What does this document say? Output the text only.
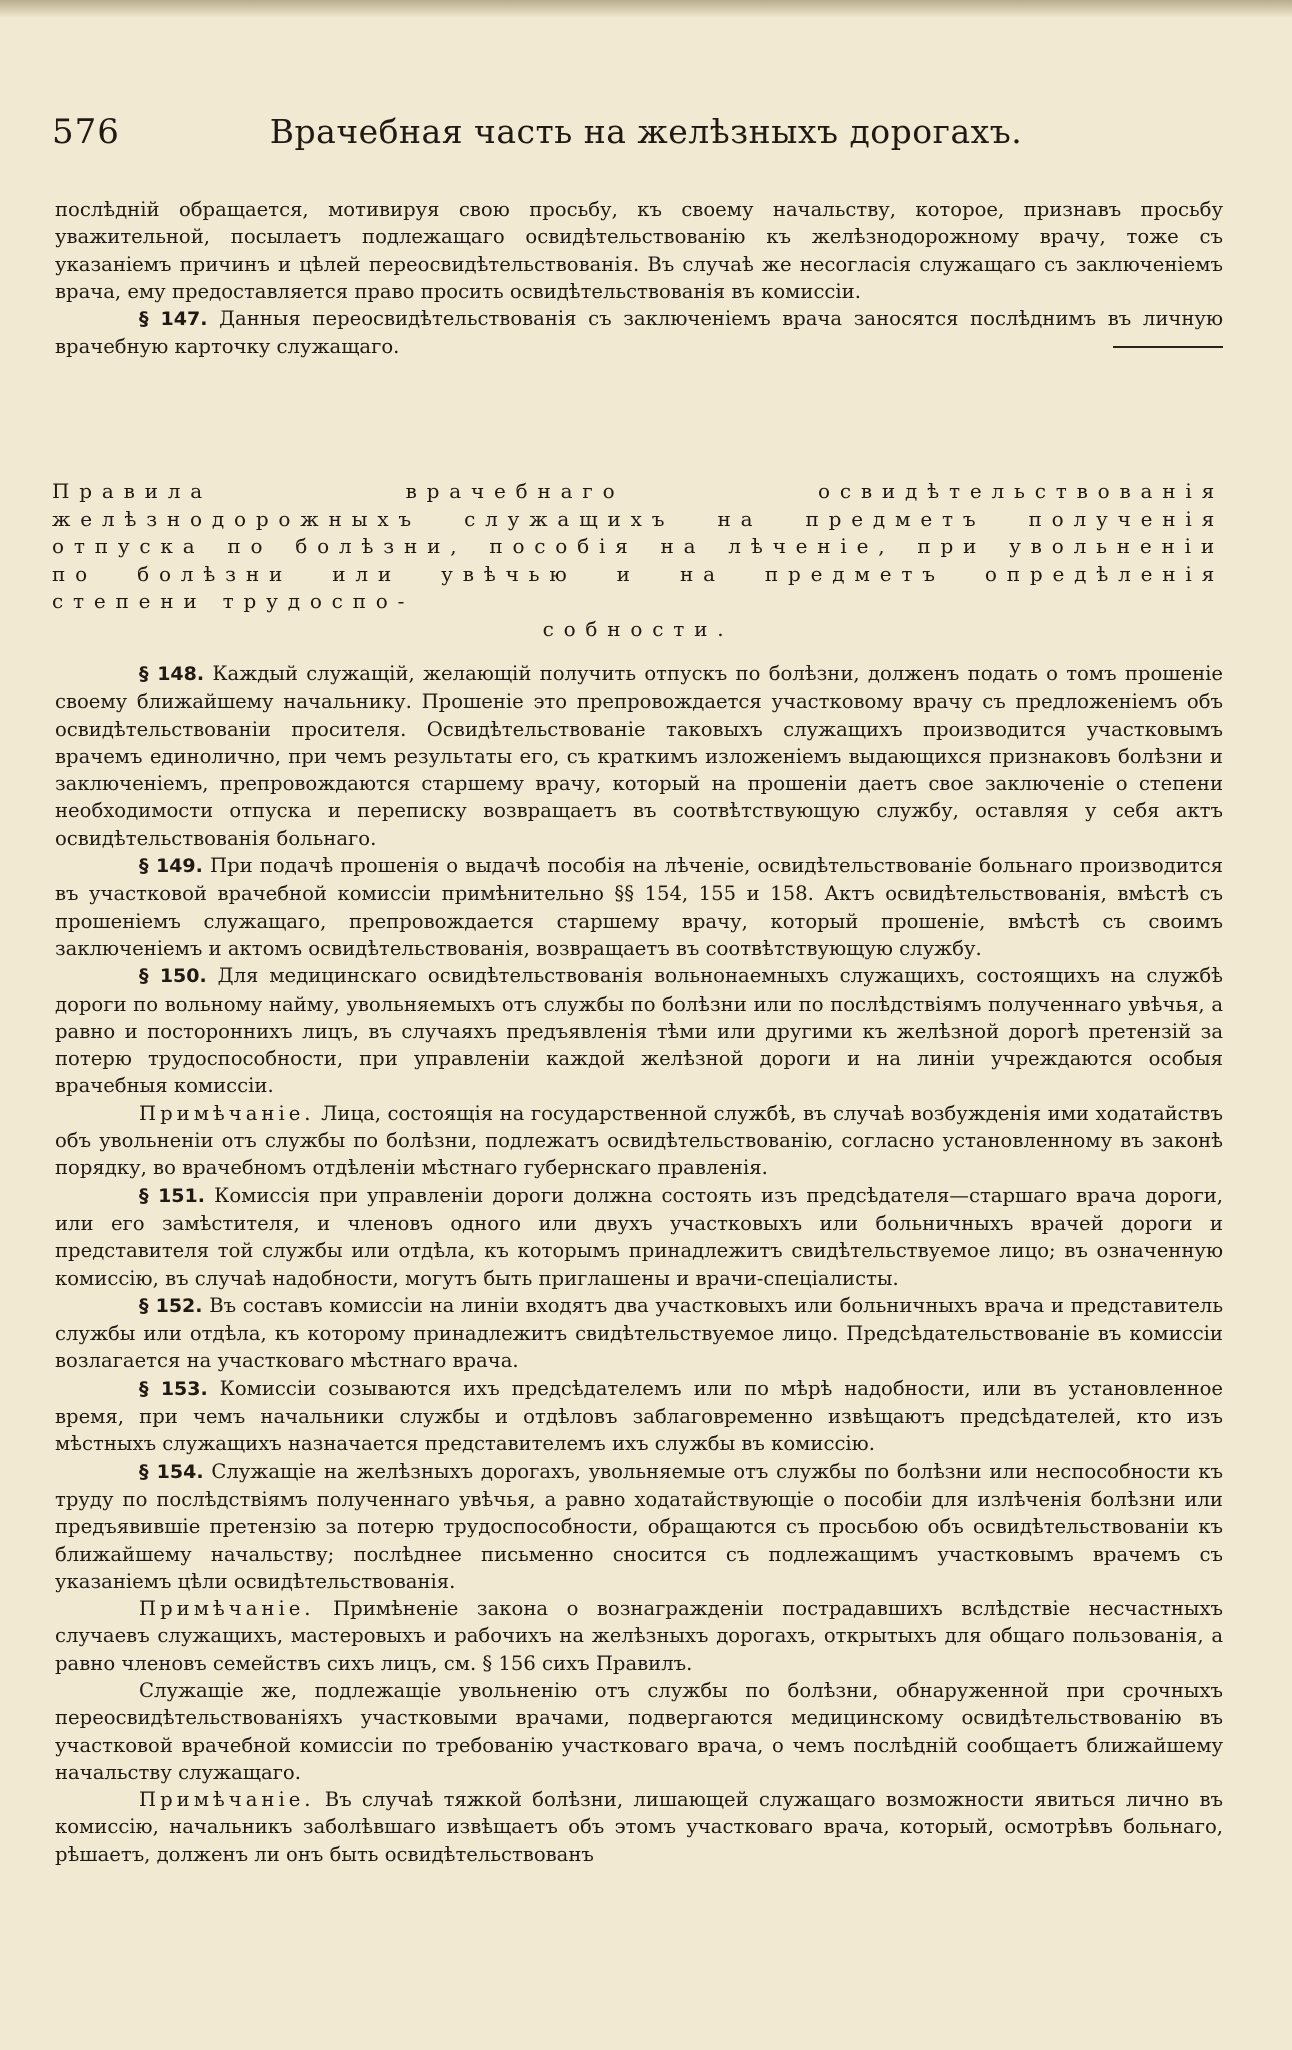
576	Врачебная часть на желѣзныхъ дорогахъ.

послѣдній обращается, мотивируя свою просьбу, къ своему начальству, которое, признавъ просьбу уважительной, посылаетъ подлежащаго освидѣтельствованію къ желѣзнодорожному врачу, тоже съ указаніемъ причинъ и цѣлей переосвидѣтельствованія. Въ случаѣ же несогласія служащаго съ заключеніемъ врача, ему предоставляется право просить освидѣтельствованія въ комиссіи.

§ 147. Данныя переосвидѣтельствованія съ заключеніемъ врача заносятся послѣднимъ въ личную врачебную карточку служащаго.

Правила врачебнаго освидѣтельствованія желѣзнодорожныхъ служащихъ на предметъ полученія отпуска по болѣзни, пособія на лѣченіе, при увольненіи по болѣзни или увѣчью и на предметъ опредѣленія степени трудоспо-
собности.

§ 148. Каждый служащій, желающій получить отпускъ по болѣзни, долженъ подать о томъ прошеніе своему ближайшему начальнику. Прошеніе это препровождается участковому врачу съ предложеніемъ объ освидѣтельствованіи просителя. Освидѣтельствованіе таковыхъ служащихъ производится участковымъ врачемъ единолично, при чемъ результаты его, съ краткимъ изложеніемъ выдающихся признаковъ болѣзни и заключеніемъ, препровождаются старшему врачу, который на прошеніи даетъ свое заключеніе о степени необходимости отпуска и переписку возвращаетъ въ соотвѣтствующую службу, оставляя у себя актъ освидѣтельствованія больнаго.

§ 149. При подачѣ прошенія о выдачѣ пособія на лѣченіе, освидѣтельствованіе больнаго производится въ участковой врачебной комиссіи примѣнительно §§ 154, 155 и 158. Актъ освидѣтельствованія, вмѣстѣ съ прошеніемъ служащаго, препровождается старшему врачу, который прошеніе, вмѣстѣ съ своимъ заключеніемъ и актомъ освидѣтельствованія, возвращаетъ въ соотвѣтствующую службу.

§ 150. Для медицинскаго освидѣтельствованія вольнонаемныхъ служащихъ, состоящихъ на службѣ дороги по вольному найму, увольняемыхъ отъ службы по болѣзни или по послѣдствіямъ полученнаго увѣчья, а равно и постороннихъ лицъ, въ случаяхъ предъявленія тѣми или другими къ желѣзной дорогѣ претензій за потерю трудоспособности, при управленіи каждой желѣзной дороги и на линіи учреждаются особыя врачебныя комиссіи.

Примѣчаніе. Лица, состоящія на государственной службѣ, въ случаѣ возбужденія ими ходатайствъ объ увольненіи отъ службы по болѣзни, подлежатъ освидѣтельствованію, согласно установленному въ законѣ порядку, во врачебномъ отдѣленіи мѣстнаго губернскаго правленія.

§ 151. Комиссія при управленіи дороги должна состоять изъ предсѣдателя—старшаго врача дороги, или его замѣстителя, и членовъ одного или двухъ участковыхъ или больничныхъ врачей дороги и представителя той службы или отдѣла, къ которымъ принадлежитъ свидѣтельствуемое лицо; въ означенную комиссію, въ случаѣ надобности, могутъ быть приглашены и врачи-спеціалисты.

§ 152. Въ составъ комиссіи на линіи входятъ два участковыхъ или больничныхъ врача и представитель службы или отдѣла, къ которому принадлежитъ свидѣтельствуемое лицо. Предсѣдательствованіе въ комиссіи возлагается на участковаго мѣстнаго врача.

§ 153. Комиссіи созываются ихъ предсѣдателемъ или по мѣрѣ надобности, или въ установленное время, при чемъ начальники службы и отдѣловъ заблаговременно извѣщаютъ предсѣдателей, кто изъ мѣстныхъ служащихъ назначается представителемъ ихъ службы въ комиссію.

§ 154. Служащіе на желѣзныхъ дорогахъ, увольняемые отъ службы по болѣзни или неспособности къ труду по послѣдствіямъ полученнаго увѣчья, а равно ходатайствующіе о пособіи для излѣченія болѣзни или предъявившіе претензію за потерю трудоспособности, обращаются съ просьбою объ освидѣтельствованіи къ ближайшему начальству; послѣднее письменно сносится съ подлежащимъ участковымъ врачемъ съ указаніемъ цѣли освидѣтельствованія.

Примѣчаніе. Примѣненіе закона о вознагражденіи пострадавшихъ вслѣдствіе несчастныхъ случаевъ служащихъ, мастеровыхъ и рабочихъ на желѣзныхъ дорогахъ, открытыхъ для общаго пользованія, а равно членовъ семействъ сихъ лицъ, см. § 156 сихъ Правилъ.

Служащіе же, подлежащіе увольненію отъ службы по болѣзни, обнаруженной при срочныхъ переосвидѣтельствованіяхъ участковыми врачами, подвергаются медицинскому освидѣтельствованію въ участковой врачебной комиссіи по требованію участковаго врача, о чемъ послѣдній сообщаетъ ближайшему начальству служащаго.

Примѣчаніе. Въ случаѣ тяжкой болѣзни, лишающей служащаго возможности явиться лично въ комиссію, начальникъ заболѣвшаго извѣщаетъ объ этомъ участковаго врача, который, осмотрѣвъ больнаго, рѣшаетъ, долженъ ли онъ быть освидѣтельствованъ
